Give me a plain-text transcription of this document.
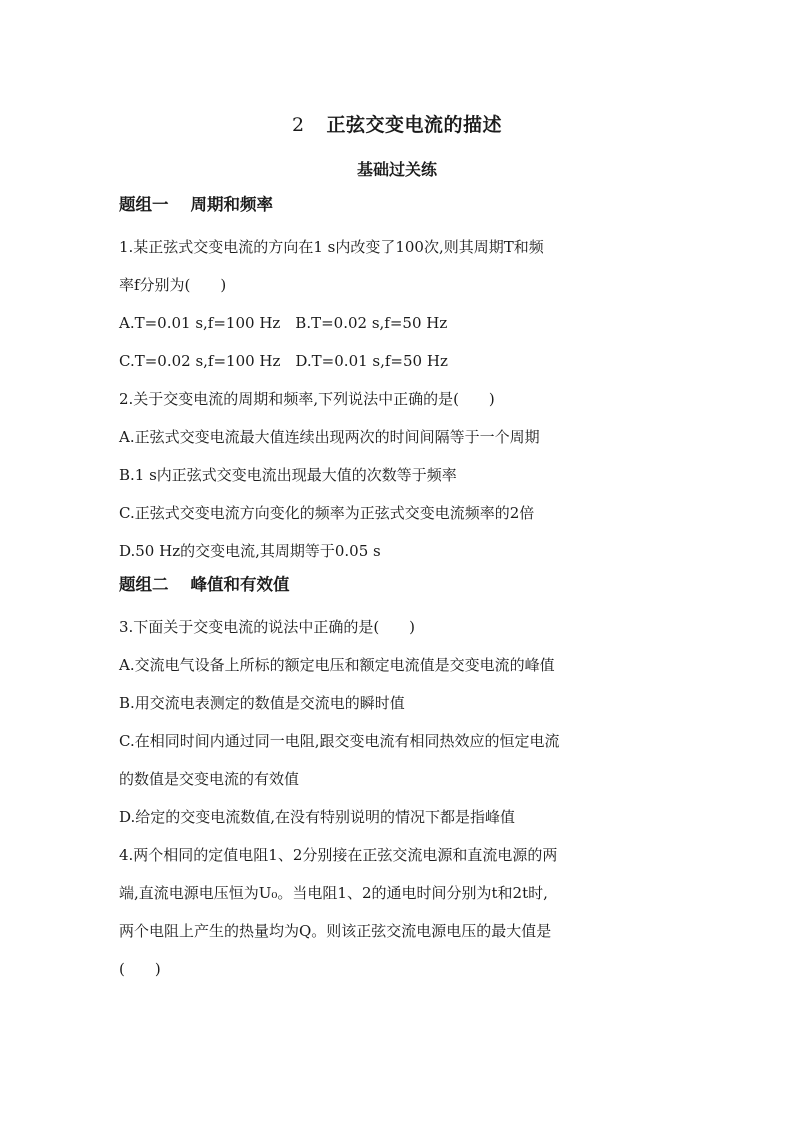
2 正弦交变电流的描述
基础过关练
题组一 周期和频率
1.某正弦式交变电流的方向在1 s内改变了100次,则其周期T和频
率f分别为(　　)
A.T=0.01 s,f=100 Hz　B.T=0.02 s,f=50 Hz
C.T=0.02 s,f=100 Hz　D.T=0.01 s,f=50 Hz
2.关于交变电流的周期和频率,下列说法中正确的是(　　)
A.正弦式交变电流最大值连续出现两次的时间间隔等于一个周期
B.1 s内正弦式交变电流出现最大值的次数等于频率
C.正弦式交变电流方向变化的频率为正弦式交变电流频率的2倍
D.50 Hz的交变电流,其周期等于0.05 s
题组二 峰值和有效值
3.下面关于交变电流的说法中正确的是(　　)
A.交流电气设备上所标的额定电压和额定电流值是交变电流的峰值
B.用交流电表测定的数值是交流电的瞬时值
C.在相同时间内通过同一电阻,跟交变电流有相同热效应的恒定电流
的数值是交变电流的有效值
D.给定的交变电流数值,在没有特别说明的情况下都是指峰值
4.两个相同的定值电阻1、2分别接在正弦交流电源和直流电源的两
端,直流电源电压恒为U₀。当电阻1、2的通电时间分别为t和2t时,
两个电阻上产生的热量均为Q。则该正弦交流电源电压的最大值是
(　　)
